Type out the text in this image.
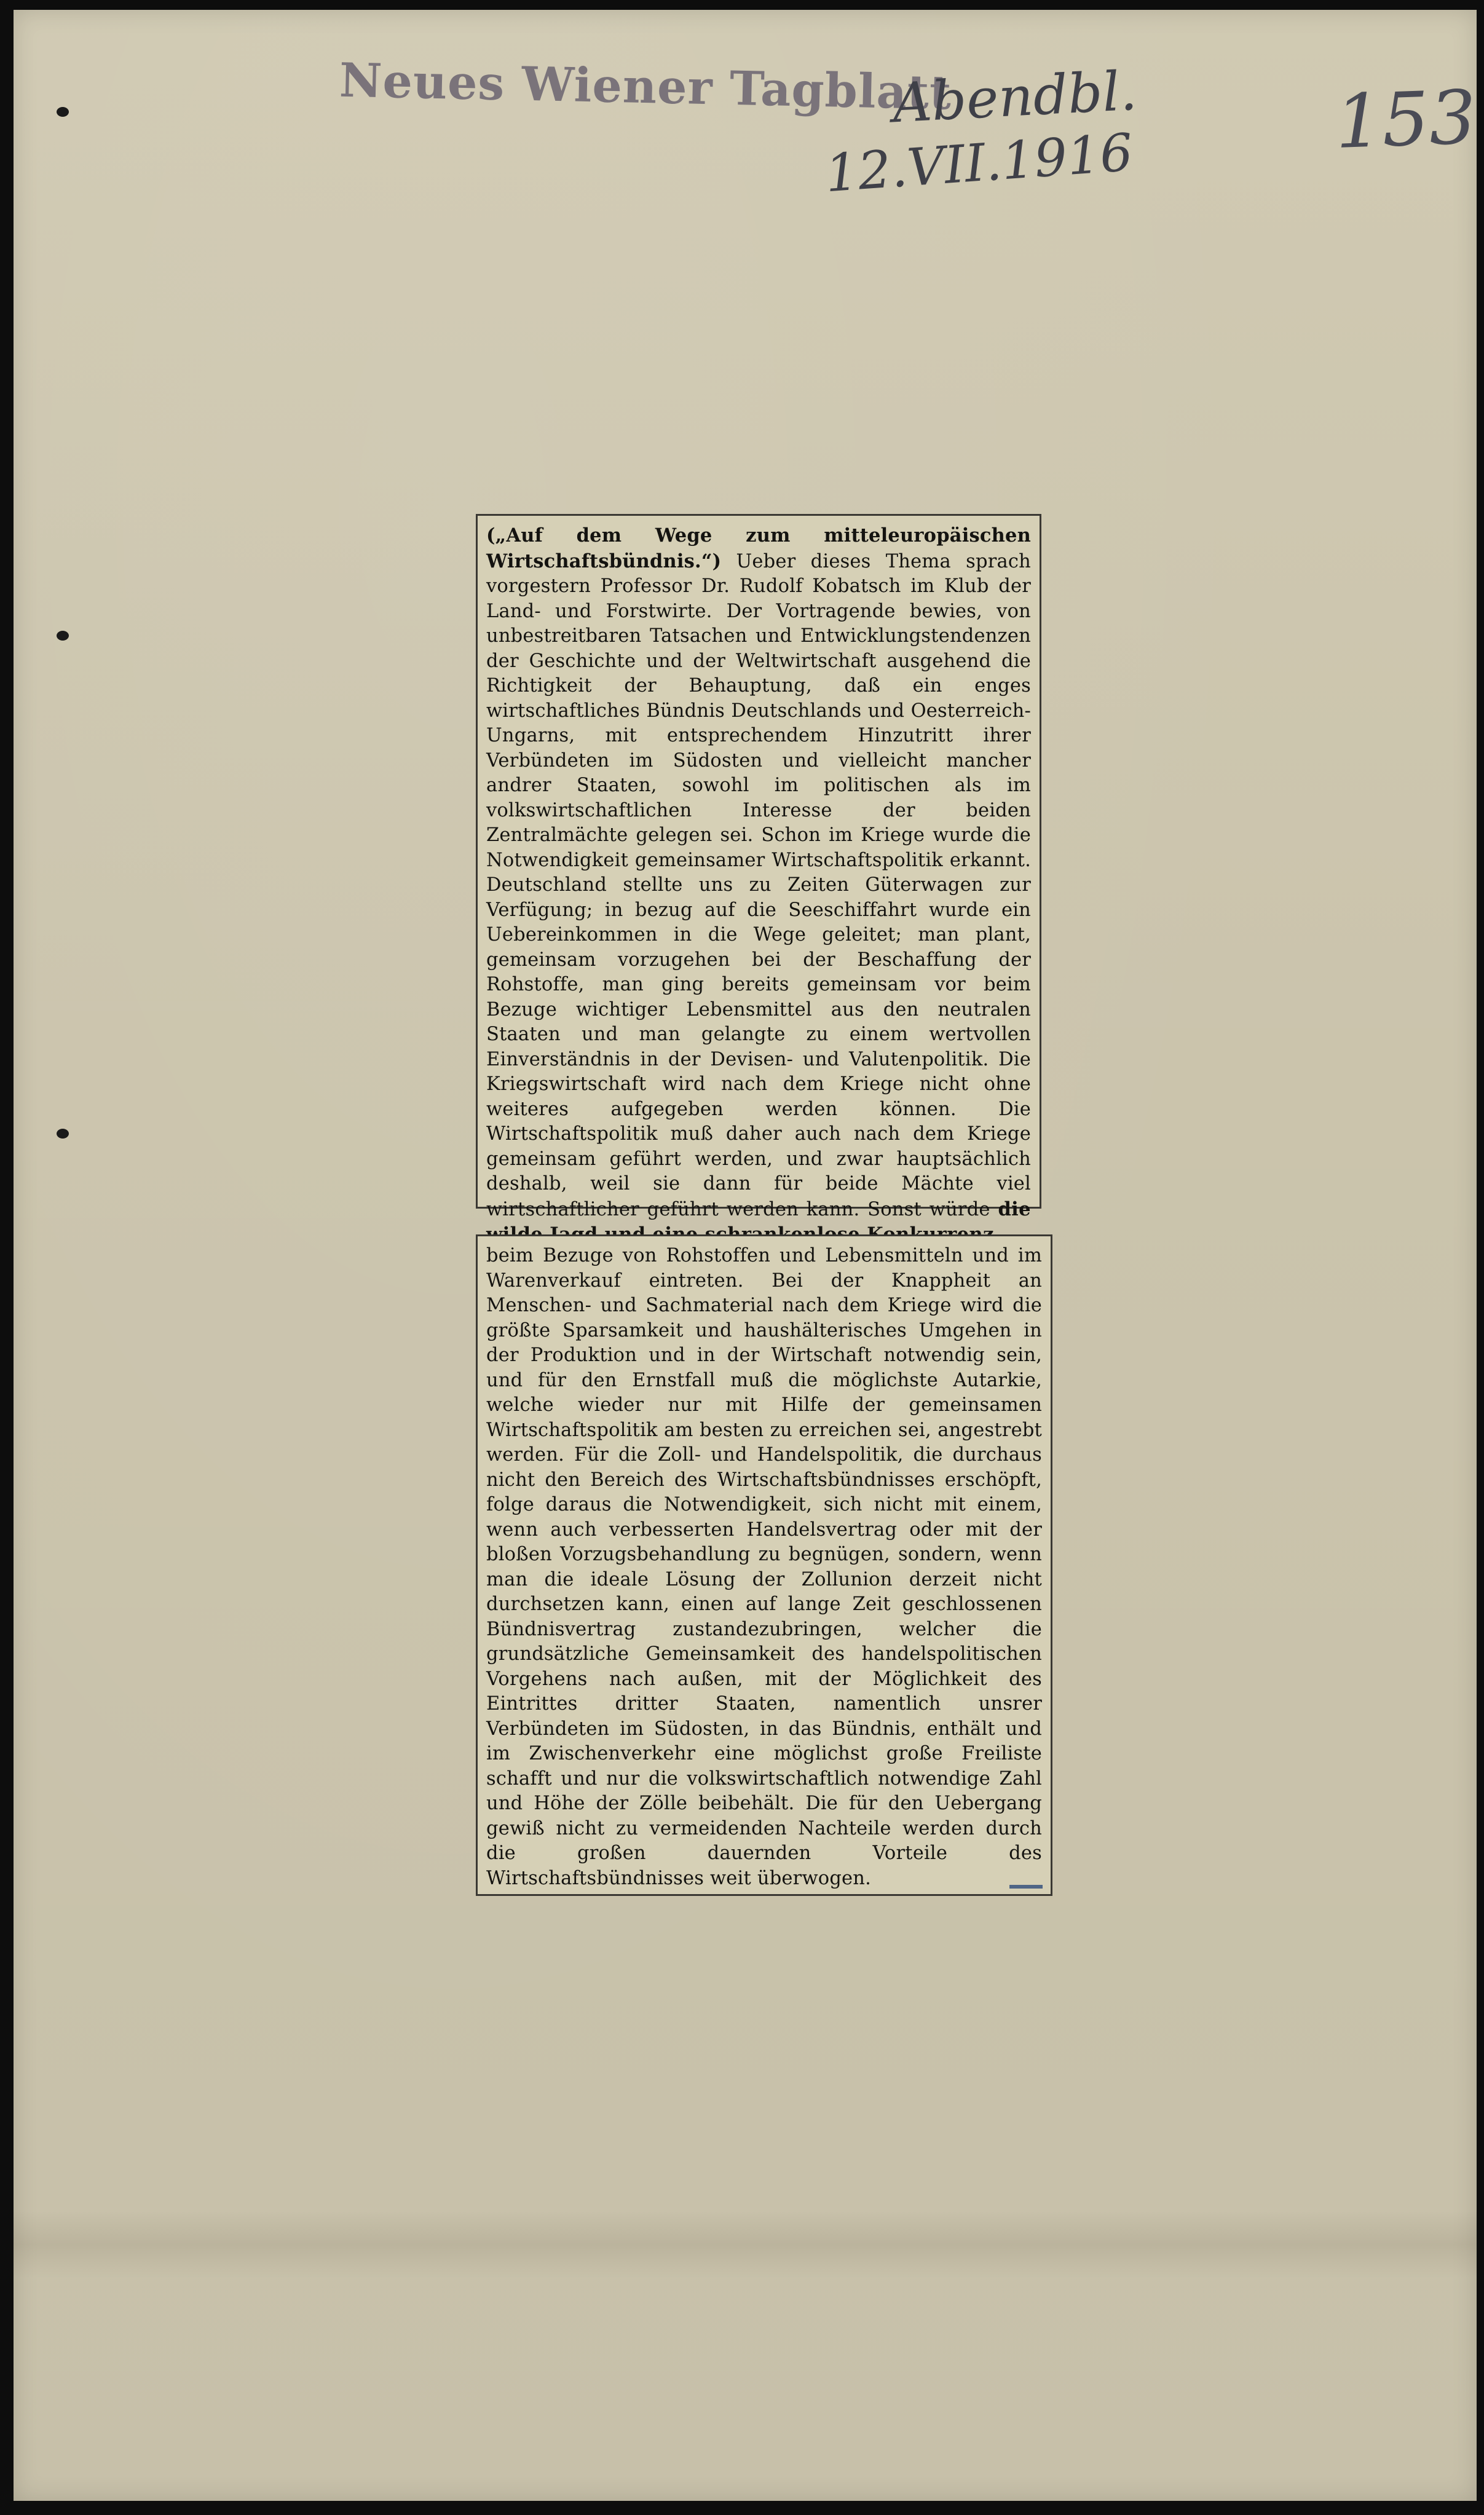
Neues Wiener Tagblatt
Abendbl.
12.VII.1916	153

(„Auf dem Wege zum mitteleuropäischen Wirtschaftsbündnis.“) Ueber dieses Thema sprach vorgestern Professor Dr. Rudolf Kobatsch im Klub der Land- und Forstwirte. Der Vortragende bewies, von unbestreitbaren Tatsachen und Entwicklungstendenzen der Geschichte und der Weltwirtschaft ausgehend die Richtigkeit der Behauptung, daß ein enges wirtschaftliches Bündnis Deutschlands und Oesterreich-Ungarns, mit entsprechendem Hinzutritt ihrer Verbündeten im Südosten und vielleicht mancher andrer Staaten, sowohl im politischen als im volkswirtschaftlichen Interesse der beiden Zentralmächte gelegen sei. Schon im Kriege wurde die Notwendigkeit gemeinsamer Wirtschaftspolitik erkannt. Deutschland stellte uns zu Zeiten Güterwagen zur Verfügung; in bezug auf die Seeschiffahrt wurde ein Uebereinkommen in die Wege geleitet; man plant, gemeinsam vorzugehen bei der Beschaffung der Rohstoffe, man ging bereits gemeinsam vor beim Bezuge wichtiger Lebensmittel aus den neutralen Staaten und man gelangte zu einem wertvollen Einverständnis in der Devisen- und Valutenpolitik. Die Kriegswirtschaft wird nach dem Kriege nicht ohne weiteres aufgegeben werden können. Die Wirtschaftspolitik muß daher auch nach dem Kriege gemeinsam geführt werden, und zwar hauptsächlich deshalb, weil sie dann für beide Mächte viel wirtschaftlicher geführt werden kann. Sonst würde die

beim Bezuge von Rohstoffen und Lebensmitteln und im Warenverkauf eintreten. Bei der Knappheit an Menschen- und Sachmaterial nach dem Kriege wird die größte Sparsamkeit und haushälterisches Umgehen in der Produktion und in der Wirtschaft notwendig sein, und für den Ernstfall muß die möglichste Autarkie, welche wieder nur mit Hilfe der gemeinsamen Wirtschaftspolitik am besten zu erreichen sei, angestrebt werden. Für die Zoll- und Handelspolitik, die durchaus nicht den Bereich des Wirtschaftsbündnisses erschöpft, folge daraus die Notwendigkeit, sich nicht mit einem, wenn auch verbesserten Handelsvertrag oder mit der bloßen Vorzugsbehandlung zu begnügen, sondern, wenn man die ideale Lösung der Zollunion derzeit nicht durchsetzen kann, einen auf lange Zeit geschlossenen Bündnisvertrag zustandezubringen, welcher die grundsätzliche Gemeinsamkeit des handelspolitischen Vorgehens nach außen, mit der Möglichkeit des Eintrittes dritter Staaten, namentlich unsrer Verbündeten im Südosten, in das Bündnis, enthält und im Zwischenverkehr eine möglichst große Freiliste schafft und nur die volkswirtschaftlich notwendige Zahl und Höhe der Zölle beibehält. Die für den Uebergang gewiß nicht zu vermeidenden Nachteile werden durch die großen dauernden Vorteile des Wirtschaftsbündnisses weit überwogen.
